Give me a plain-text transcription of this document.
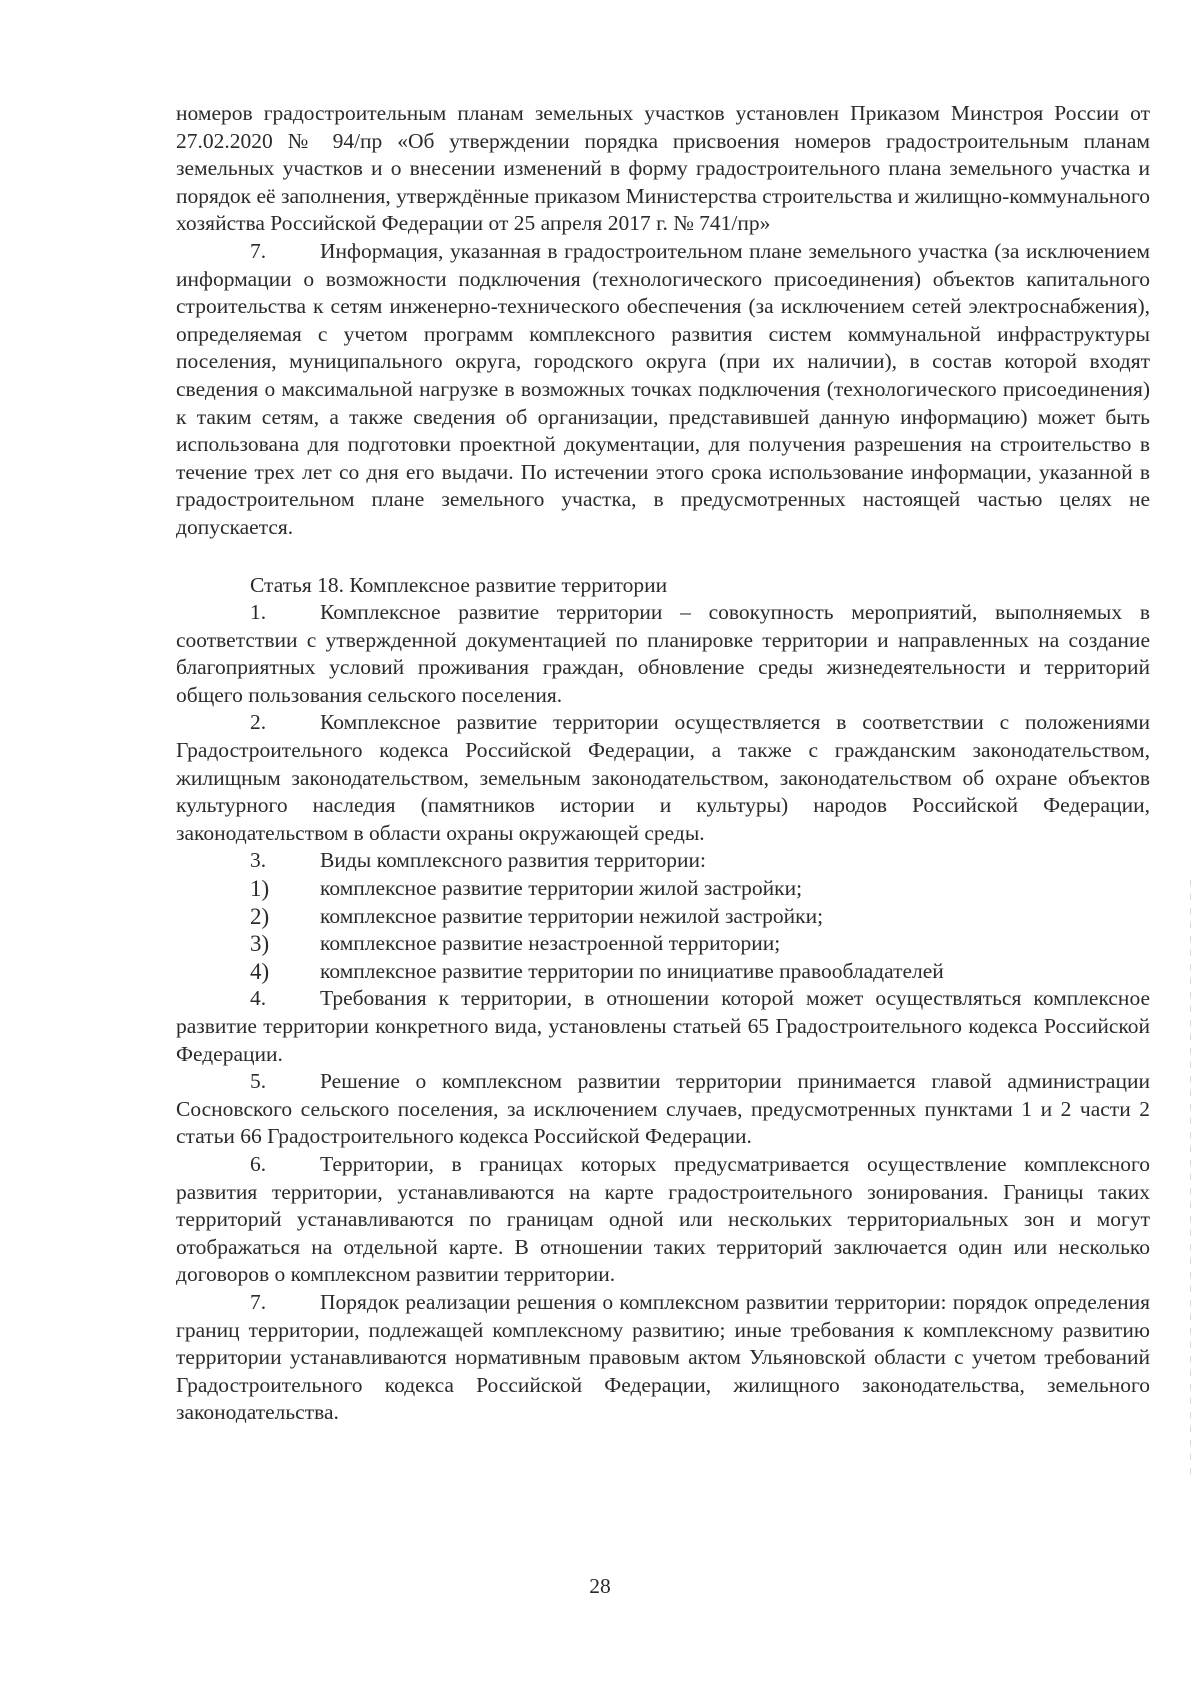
номеров градостроительным планам земельных участков установлен Приказом Минстроя России от 27.02.2020 № 94/пр «Об утверждении порядка присвоения номеров градостроительным планам земельных участков и о внесении изменений в форму градостроительного плана земельного участка и порядок её заполнения, утверждённые приказом Министерства строительства и жилищно-коммунального хозяйства Российской Федерации от 25 апреля 2017 г. № 741/пр»

7.	Информация, указанная в градостроительном плане земельного участка (за исключением информации о возможности подключения (технологического присоединения) объектов капитального строительства к сетям инженерно-технического обеспечения (за исключением сетей электроснабжения), определяемая с учетом программ комплексного развития систем коммунальной инфраструктуры поселения, муниципального округа, городского округа (при их наличии), в состав которой входят сведения о максимальной нагрузке в возможных точках подключения (технологического присоединения) к таким сетям, а также сведения об организации, представившей данную информацию) может быть использована для подготовки проектной документации, для получения разрешения на строительство в течение трех лет со дня его выдачи. По истечении этого срока использование информации, указанной в градостроительном плане земельного участка, в предусмотренных настоящей частью целях не допускается.

Статья 18. Комплексное развитие территории

1.	Комплексное развитие территории – совокупность мероприятий, выполняемых в соответствии с утвержденной документацией по планировке территории и направленных на создание благоприятных условий проживания граждан, обновление среды жизнедеятельности и территорий общего пользования сельского поселения.

2.	Комплексное развитие территории осуществляется в соответствии с положениями Градостроительного кодекса Российской Федерации, а также с гражданским законодательством, жилищным законодательством, земельным законодательством, законодательством об охране объектов культурного наследия (памятников истории и культуры) народов Российской Федерации, законодательством в области охраны окружающей среды.

3.	Виды комплексного развития территории:

1)	комплексное развитие территории жилой застройки;
2)	комплексное развитие территории нежилой застройки;
3)	комплексное развитие незастроенной территории;
4)	комплексное развитие территории по инициативе правообладателей

4.	Требования к территории, в отношении которой может осуществляться комплексное развитие территории конкретного вида, установлены статьей 65 Градостроительного кодекса Российской Федерации.

5.	Решение о комплексном развитии территории принимается главой администрации Сосновского сельского поселения, за исключением случаев, предусмотренных пунктами 1 и 2 части 2 статьи 66 Градостроительного кодекса Российской Федерации.

6.	Территории, в границах которых предусматривается осуществление комплексного развития территории, устанавливаются на карте градостроительного зонирования. Границы таких территорий устанавливаются по границам одной или нескольких территориальных зон и могут отображаться на отдельной карте. В отношении таких территорий заключается один или несколько договоров о комплексном развитии территории.

7.	Порядок реализации решения о комплексном развитии территории: порядок определения границ территории, подлежащей комплексному развитию; иные требования к комплексному развитию территории устанавливаются нормативным правовым актом Ульяновской области с учетом требований Градостроительного кодекса Российской Федерации, жилищного законодательства, земельного законодательства.

28
